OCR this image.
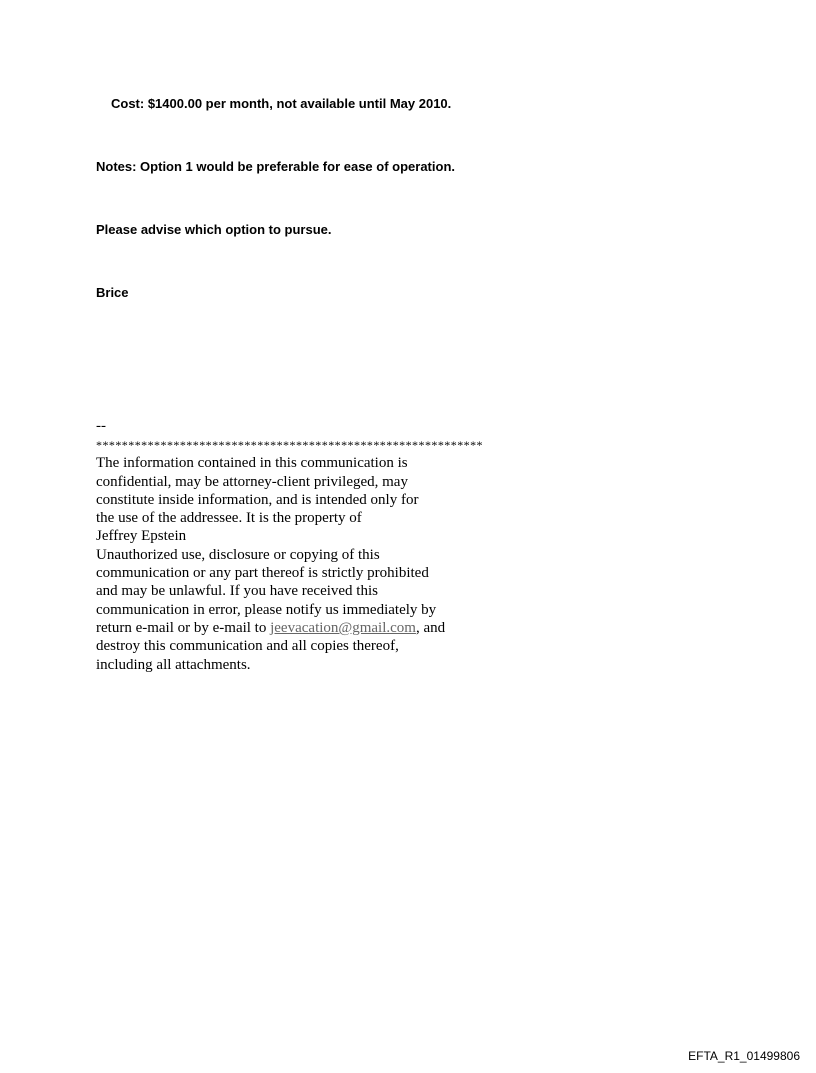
Cost: $1400.00 per month, not available until May 2010.
Notes: Option 1 would be preferable for ease of operation.
Please advise which option to pursue.
Brice
--
************************************************************
The information contained in this communication is
confidential, may be attorney-client privileged, may
constitute inside information, and is intended only for
the use of the addressee. It is the property of
Jeffrey Epstein
Unauthorized use, disclosure or copying of this
communication or any part thereof is strictly prohibited
and may be unlawful. If you have received this
communication in error, please notify us immediately by
return e-mail or by e-mail to jeevacation@gmail.com, and
destroy this communication and all copies thereof,
including all attachments.
EFTA_R1_01499806
